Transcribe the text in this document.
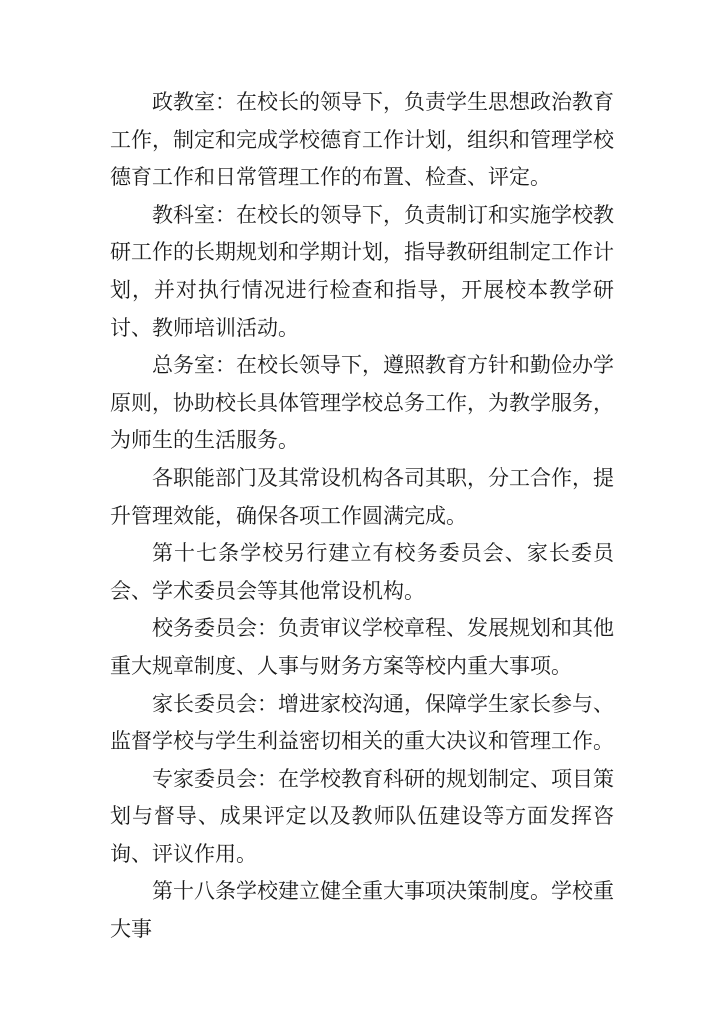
政教室：在校长的领导下，负责学生思想政治教育工作，制定和完成学校德育工作计划，组织和管理学校德育工作和日常管理工作的布置、检查、评定。

教科室：在校长的领导下，负责制订和实施学校教研工作的长期规划和学期计划，指导教研组制定工作计划，并对执行情况进行检查和指导，开展校本教学研讨、教师培训活动。

总务室：在校长领导下，遵照教育方针和勤俭办学原则，协助校长具体管理学校总务工作，为教学服务，为师生的生活服务。

各职能部门及其常设机构各司其职，分工合作，提升管理效能，确保各项工作圆满完成。

第十七条学校另行建立有校务委员会、家长委员会、学术委员会等其他常设机构。

校务委员会：负责审议学校章程、发展规划和其他重大规章制度、人事与财务方案等校内重大事项。

家长委员会：增进家校沟通，保障学生家长参与、监督学校与学生利益密切相关的重大决议和管理工作。

专家委员会：在学校教育科研的规划制定、项目策划与督导、成果评定以及教师队伍建设等方面发挥咨询、评议作用。

第十八条学校建立健全重大事项决策制度。学校重大事
